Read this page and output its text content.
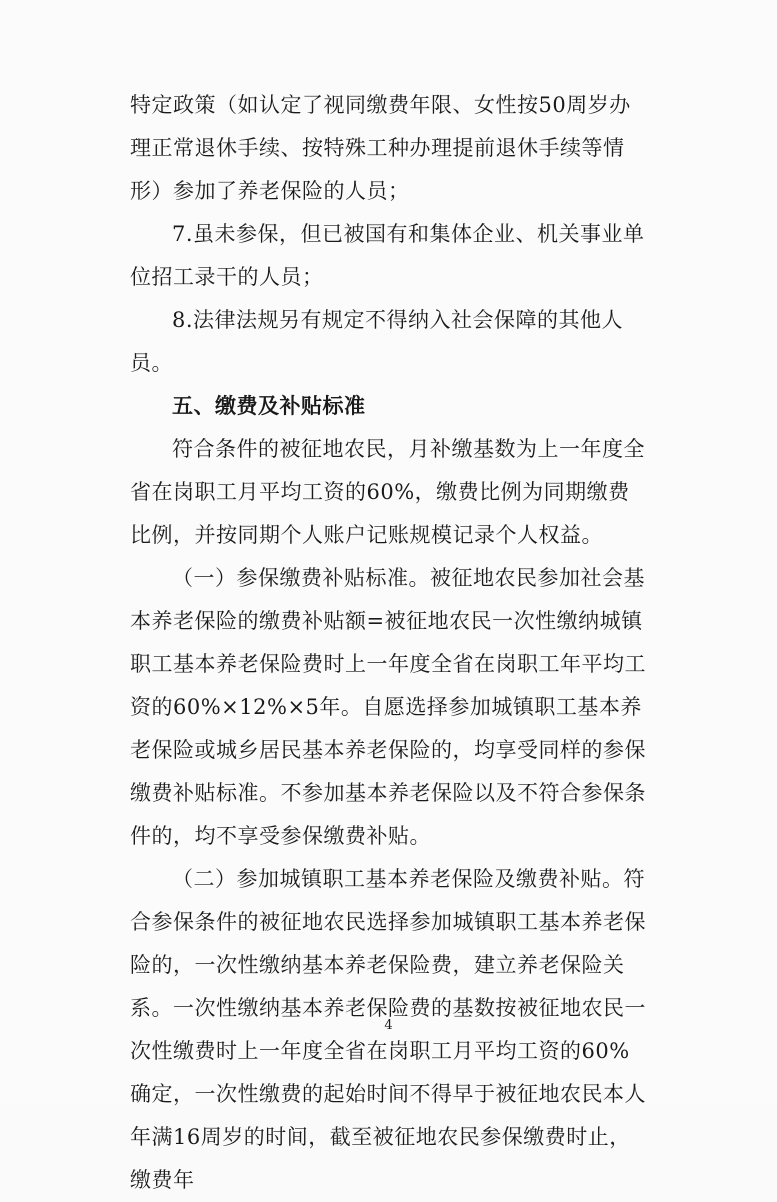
特定政策（如认定了视同缴费年限、女性按50周岁办理正常退休手续、按特殊工种办理提前退休手续等情形）参加了养老保险的人员；

7.虽未参保，但已被国有和集体企业、机关事业单位招工录干的人员；

8.法律法规另有规定不得纳入社会保障的其他人员。

五、缴费及补贴标准

符合条件的被征地农民，月补缴基数为上一年度全省在岗职工月平均工资的60%，缴费比例为同期缴费比例，并按同期个人账户记账规模记录个人权益。

（一）参保缴费补贴标准。被征地农民参加社会基本养老保险的缴费补贴额=被征地农民一次性缴纳城镇职工基本养老保险费时上一年度全省在岗职工年平均工资的60%×12%×5年。自愿选择参加城镇职工基本养老保险或城乡居民基本养老保险的，均享受同样的参保缴费补贴标准。不参加基本养老保险以及不符合参保条件的，均不享受参保缴费补贴。

（二）参加城镇职工基本养老保险及缴费补贴。符合参保条件的被征地农民选择参加城镇职工基本养老保险的，一次性缴纳基本养老保险费，建立养老保险关系。一次性缴纳基本养老保险费的基数按被征地农民一次性缴费时上一年度全省在岗职工月平均工资的60%确定，一次性缴费的起始时间不得早于被征地农民本人年满16周岁的时间，截至被征地农民参保缴费时止，缴费年

4
